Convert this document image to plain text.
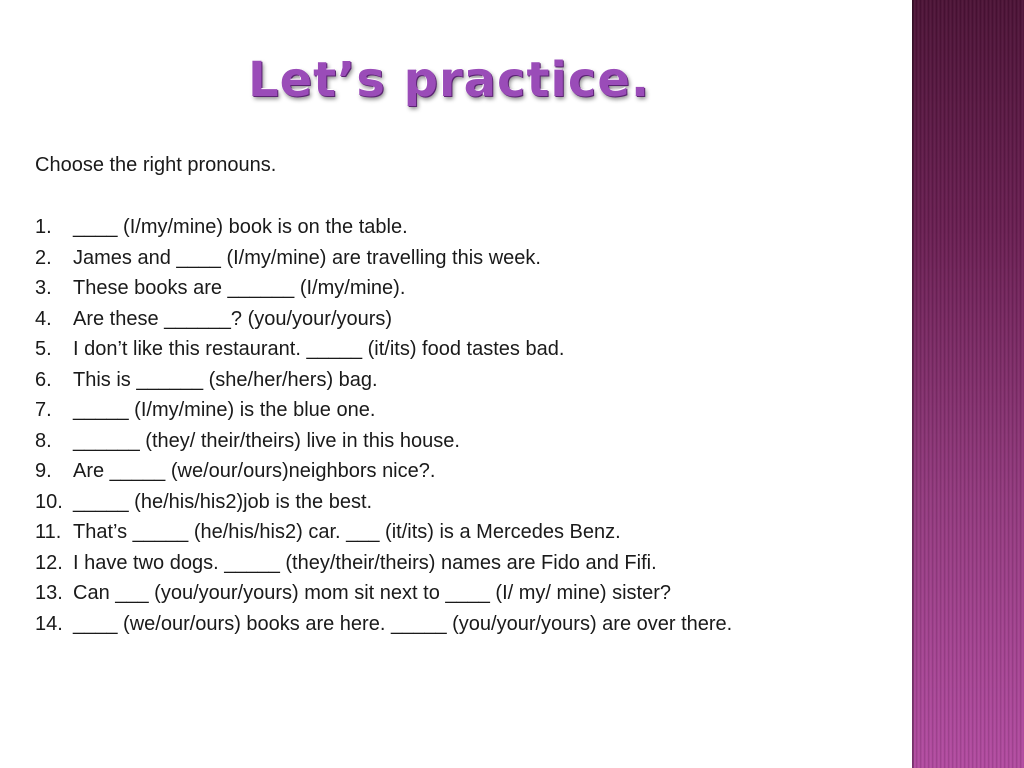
Let’s practice.

Choose the right pronouns.

1.	____ (I/my/mine) book is on the table.
2.	James and ____ (I/my/mine) are travelling this week.
3.	These books are ______ (I/my/mine).
4.	Are these ______? (you/your/yours)
5.	I don’t like this restaurant. _____ (it/its) food tastes bad.
6.	This is ______ (she/her/hers) bag.
7.	_____ (I/my/mine) is the blue one.
8.	______ (they/ their/theirs) live in this house.
9.	Are _____ (we/our/ours)neighbors nice?.
10. _____ (he/his/his2)job is the best.
11. That’s _____ (he/his/his2) car. ___ (it/its) is a Mercedes Benz.
12. I have two dogs. _____ (they/their/theirs) names are Fido and Fifi.
13. Can ___ (you/your/yours) mom sit next to ____ (I/ my/ mine) sister?
14. ____ (we/our/ours) books are here. _____ (you/your/yours) are over there.
